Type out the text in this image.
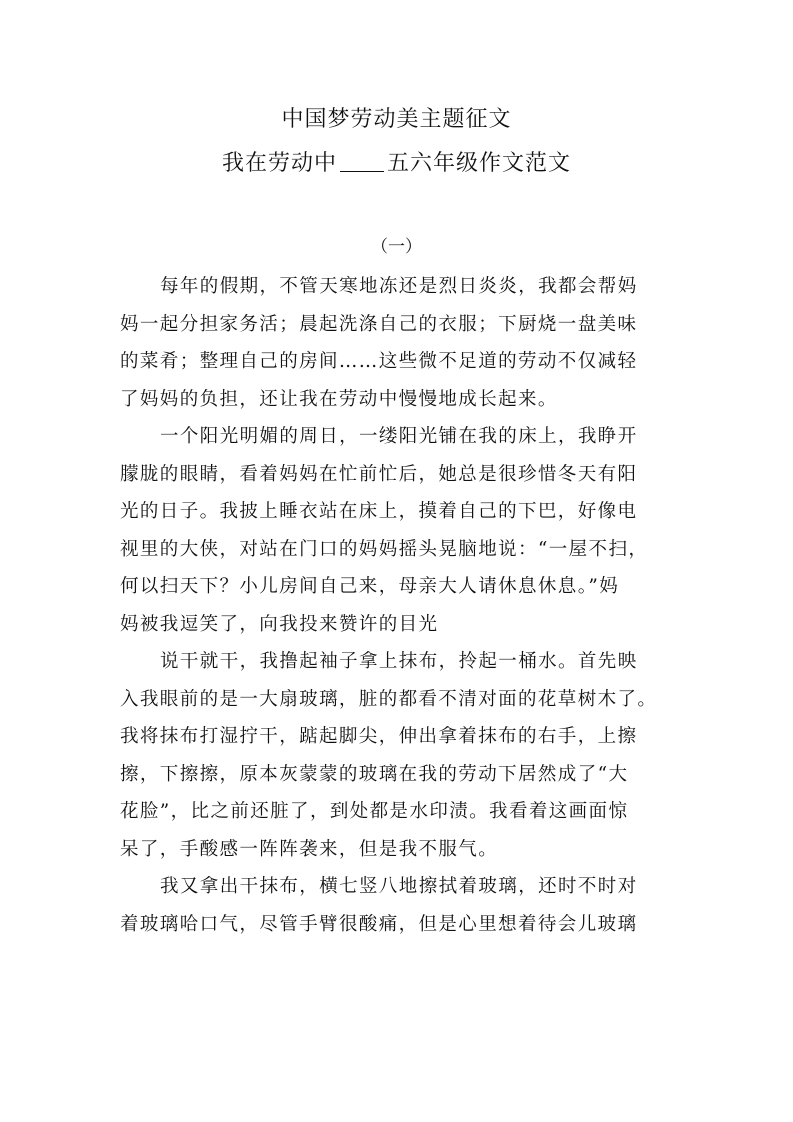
中国梦劳动美主题征文
我在劳动中 五六年级作文范文
（一）
每年的假期，不管天寒地冻还是烈日炎炎，我都会帮妈
妈一起分担家务活；晨起洗涤自己的衣服；下厨烧一盘美味
的菜肴；整理自己的房间……这些微不足道的劳动不仅减轻
了妈妈的负担，还让我在劳动中慢慢地成长起来。
一个阳光明媚的周日，一缕阳光铺在我的床上，我睁开
朦胧的眼睛，看着妈妈在忙前忙后，她总是很珍惜冬天有阳
光的日子。我披上睡衣站在床上，摸着自己的下巴，好像电
视里的大侠，对站在门口的妈妈摇头晃脑地说：“一屋不扫，
何以扫天下？小儿房间自己来，母亲大人请休息休息。”妈
妈被我逗笑了，向我投来赞许的目光
说干就干，我撸起袖子拿上抹布，拎起一桶水。首先映
入我眼前的是一大扇玻璃，脏的都看不清对面的花草树木了。
我将抹布打湿拧干，踮起脚尖，伸出拿着抹布的右手，上擦
擦，下擦擦，原本灰蒙蒙的玻璃在我的劳动下居然成了“大
花脸”，比之前还脏了，到处都是水印渍。我看着这画面惊
呆了，手酸感一阵阵袭来，但是我不服气。
我又拿出干抹布，横七竖八地擦拭着玻璃，还时不时对
着玻璃哈口气，尽管手臂很酸痛，但是心里想着待会儿玻璃
